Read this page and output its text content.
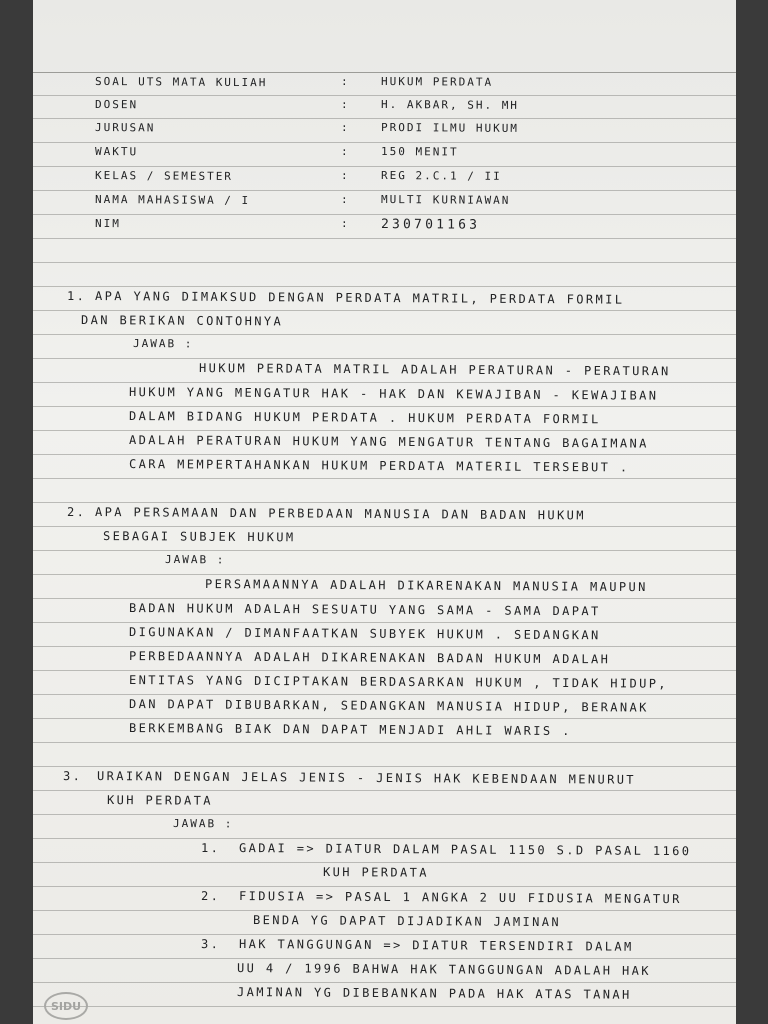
SOAL UTS MATA KULIAH	:	HUKUM PERDATA
DOSEN	:	H. AKBAR, SH. MH
JURUSAN	:	PRODI ILMU HUKUM
WAKTU	:	150 MENIT
KELAS / SEMESTER	:	REG 2.C.1 / II
NAMA MAHASISWA / I	:	MULTI KURNIAWAN
NIM	: 230701163
1. APA YANG DIMAKSUD DENGAN PERDATA MATRIL, PERDATA FORMIL
DAN BERIKAN CONTOHNYA
JAWAB :
HUKUM PERDATA MATRIL ADALAH PERATURAN - PERATURAN
HUKUM YANG MENGATUR HAK - HAK DAN KEWAJIBAN - KEWAJIBAN
DALAM BIDANG HUKUM PERDATA . HUKUM PERDATA FORMIL
ADALAH PERATURAN HUKUM YANG MENGATUR TENTANG BAGAIMANA
CARA MEMPERTAHANKAN HUKUM PERDATA MATERIL TERSEBUT .
2. APA PERSAMAAN DAN PERBEDAAN MANUSIA DAN BADAN HUKUM
SEBAGAI SUBJEK HUKUM
JAWAB :
PERSAMAANNYA ADALAH DIKARENAKAN MANUSIA MAUPUN
BADAN HUKUM ADALAH SESUATU YANG SAMA - SAMA DAPAT
DIGUNAKAN / DIMANFAATKAN SUBYEK HUKUM . SEDANGKAN
PERBEDAANNYA ADALAH DIKARENAKAN BADAN HUKUM ADALAH
ENTITAS YANG DICIPTAKAN BERDASARKAN HUKUM , TIDAK HIDUP,
DAN DAPAT DIBUBARKAN, SEDANGKAN MANUSIA HIDUP, BERANAK
BERKEMBANG BIAK DAN DAPAT MENJADI AHLI WARIS .
3. URAIKAN DENGAN JELAS JENIS - JENIS HAK KEBENDAAN MENURUT
KUH PERDATA
JAWAB :
1. GADAI => DIATUR DALAM PASAL 1150 S.D PASAL 1160
KUH PERDATA
2. FIDUSIA => PASAL 1 ANGKA 2 UU FIDUSIA MENGATUR
BENDA YG DAPAT DIJADIKAN JAMINAN
3. HAK TANGGUNGAN => DIATUR TERSENDIRI DALAM
UU 4 / 1996 BAHWA HAK TANGGUNGAN ADALAH HAK
JAMINAN YG DIBEBANKAN PADA HAK ATAS TANAH
SIDU
